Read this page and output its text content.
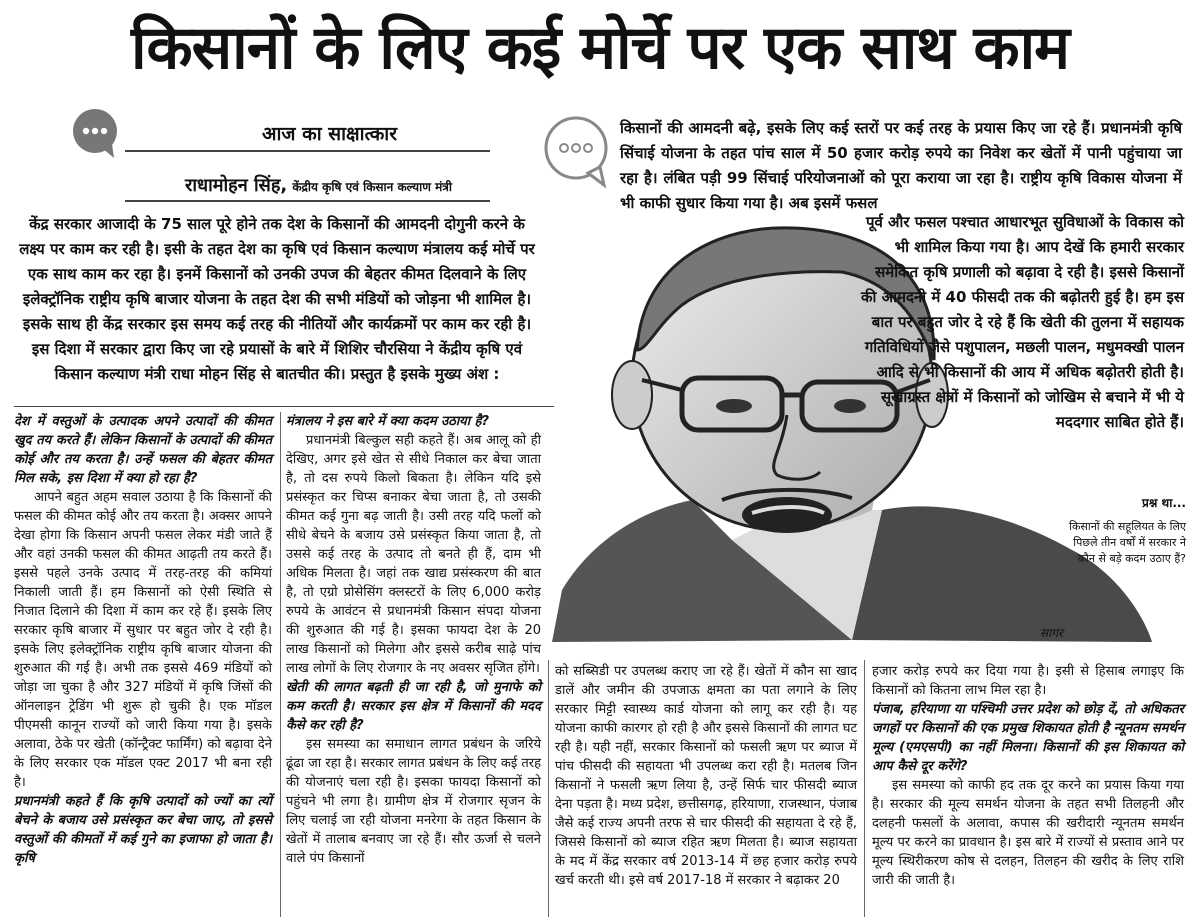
किसानों के लिए कई मोर्चे पर एक साथ काम
आज का साक्षात्कार
राधामोहन सिंह, केंद्रीय कृषि एवं किसान कल्याण मंत्री

केंद्र सरकार आजादी के 75 साल पूरे होने तक देश के किसानों की आमदनी दोगुनी करने के लक्ष्य पर काम कर रही है। इसी के तहत देश का कृषि एवं किसान कल्याण मंत्रालय कई मोर्चे पर एक साथ काम कर रहा है। इनमें किसानों को उनकी उपज की बेहतर कीमत दिलवाने के लिए इलेक्ट्रॉनिक राष्ट्रीय कृषि बाजार योजना के तहत देश की सभी मंडियों को जोड़ना भी शामिल है। इसके साथ ही केंद्र सरकार इस समय कई तरह की नीतियों और कार्यक्रमों पर काम कर रही है। इस दिशा में सरकार द्वारा किए जा रहे प्रयासों के बारे में शिशिर चौरसिया ने केंद्रीय कृषि एवं किसान कल्याण मंत्री राधा मोहन सिंह से बातचीत की। प्रस्तुत है इसके मुख्य अंश :

किसानों की आमदनी बढ़े, इसके लिए कई स्तरों पर कई तरह के प्रयास किए जा रहे हैं। प्रधानमंत्री कृषि सिंचाई योजना के तहत पांच साल में 50 हजार करोड़ रुपये का निवेश कर खेतों में पानी पहुंचाया जा रहा है। लंबित पड़ी 99 सिंचाई परियोजनाओं को पूरा कराया जा रहा है। राष्ट्रीय कृषि विकास योजना में भी काफी सुधार किया गया है। अब इसमें फसल

पूर्व और फसल पश्चात आधारभूत सुविधाओं के विकास को भी शामिल किया गया है। आप देखें कि हमारी सरकार समेकित कृषि प्रणाली को बढ़ावा दे रही है। इससे किसानों की आमदनी में 40 फीसदी तक की बढ़ोतरी हुई है। हम इस बात पर बहुत जोर दे रहे हैं कि खेती की तुलना में सहायक गतिविधियों जैसे पशुपालन, मछली पालन, मधुमक्खी पालन आदि से भी किसानों की आय में अधिक बढ़ोतरी होती है। सूखाग्रस्त क्षेत्रों में किसानों को जोखिम से बचाने में भी ये मददगार साबित होते हैं।

प्रश्न था...
किसानों की सहूलियत के लिए पिछले तीन वर्षों में सरकार ने कौन से बड़े कदम उठाए हैं?
सागर

देश में वस्तुओं के उत्पादक अपने उत्पादों की कीमत खुद तय करते हैं। लेकिन किसानों के उत्पादों की कीमत कोई और तय करता है। उन्हें फसल की बेहतर कीमत मिल सके, इस दिशा में क्या हो रहा है?

आपने बहुत अहम सवाल उठाया है कि किसानों की फसल की कीमत कोई और तय करता है। अक्सर आपने देखा होगा कि किसान अपनी फसल लेकर मंडी जाते हैं और वहां उनकी फसल की कीमत आढ़ती तय करते हैं। इससे पहले उनके उत्पाद में तरह-तरह की कमियां निकाली जाती हैं। हम किसानों को ऐसी स्थिति से निजात दिलाने की दिशा में काम कर रहे हैं। इसके लिए सरकार कृषि बाजार में सुधार पर बहुत जोर दे रही है। इसके लिए इलेक्ट्रॉनिक राष्ट्रीय कृषि बाजार योजना की शुरुआत की गई है। अभी तक इससे 469 मंडियों को जोड़ा जा चुका है और 327 मंडियों में कृषि जिंसों की ऑनलाइन ट्रेडिंग भी शुरू हो चुकी है। एक मॉडल पीएमसी कानून राज्यों को जारी किया गया है। इसके अलावा, ठेके पर खेती (कॉन्ट्रैक्ट फार्मिंग) को बढ़ावा देने के लिए सरकार एक मॉडल एक्ट 2017 भी बना रही है।

प्रधानमंत्री कहते हैं कि कृषि उत्पादों को ज्यों का त्यों बेचने के बजाय उसे प्रसंस्कृत कर बेचा जाए, तो इससे वस्तुओं की कीमतों में कई गुने का इजाफा हो जाता है। कृषि

मंत्रालय ने इस बारे में क्या कदम उठाया है?

प्रधानमंत्री बिल्कुल सही कहते हैं। अब आलू को ही देखिए, अगर इसे खेत से सीधे निकाल कर बेचा जाता है, तो दस रुपये किलो बिकता है। लेकिन यदि इसे प्रसंस्कृत कर चिप्स बनाकर बेचा जाता है, तो उसकी कीमत कई गुना बढ़ जाती है। उसी तरह यदि फलों को सीधे बेचने के बजाय उसे प्रसंस्कृत किया जाता है, तो उससे कई तरह के उत्पाद तो बनते ही हैं, दाम भी अधिक मिलता है। जहां तक खाद्य प्रसंस्करण की बात है, तो एग्रो प्रोसेसिंग क्लस्टरों के लिए 6,000 करोड़ रुपये के आवंटन से प्रधानमंत्री किसान संपदा योजना की शुरुआत की गई है। इसका फायदा देश के 20 लाख किसानों को मिलेगा और इससे करीब साढ़े पांच लाख लोगों के लिए रोजगार के नए अवसर सृजित होंगे।

खेती की लागत बढ़ती ही जा रही है, जो मुनाफे को कम करती है। सरकार इस क्षेत्र में किसानों की मदद कैसे कर रही है?

इस समस्या का समाधान लागत प्रबंधन के जरिये ढूंढा जा रहा है। सरकार लागत प्रबंधन के लिए कई तरह की योजनाएं चला रही है। इसका फायदा किसानों को पहुंचने भी लगा है। ग्रामीण क्षेत्र में रोजगार सृजन के लिए चलाई जा रही योजना मनरेगा के तहत किसान के खेतों में तालाब बनवाए जा रहे हैं। सौर ऊर्जा से चलने वाले पंप किसानों

को सब्सिडी पर उपलब्ध कराए जा रहे हैं। खेतों में कौन सा खाद डालें और जमीन की उपजाऊ क्षमता का पता लगाने के लिए सरकार मिट्टी स्वास्थ्य कार्ड योजना को लागू कर रही है। यह योजना काफी कारगर हो रही है और इससे किसानों की लागत घट रही है। यही नहीं, सरकार किसानों को फसली ऋण पर ब्याज में पांच फीसदी की सहायता भी उपलब्ध करा रही है। मतलब जिन किसानों ने फसली ऋण लिया है, उन्हें सिर्फ चार फीसदी ब्याज देना पड़ता है। मध्य प्रदेश, छत्तीसगढ़, हरियाणा, राजस्थान, पंजाब जैसे कई राज्य अपनी तरफ से चार फीसदी की सहायता दे रहे हैं, जिससे किसानों को ब्याज रहित ऋण मिलता है। ब्याज सहायता के मद में केंद्र सरकार वर्ष 2013-14 में छह हजार करोड़ रुपये खर्च करती थी। इसे वर्ष 2017-18 में सरकार ने बढ़ाकर 20

हजार करोड़ रुपये कर दिया गया है। इसी से हिसाब लगाइए कि किसानों को कितना लाभ मिल रहा है।

पंजाब, हरियाणा या पश्चिमी उत्तर प्रदेश को छोड़ दें, तो अधिकतर जगहों पर किसानों की एक प्रमुख शिकायत होती है न्यूनतम समर्थन मूल्य (एमएसपी) का नहीं मिलना। किसानों की इस शिकायत को आप कैसे दूर करेंगे?

इस समस्या को काफी हद तक दूर करने का प्रयास किया गया है। सरकार की मूल्य समर्थन योजना के तहत सभी तिलहनी और दलहनी फसलों के अलावा, कपास की खरीदारी न्यूनतम समर्थन मूल्य पर करने का प्रावधान है। इस बारे में राज्यों से प्रस्ताव आने पर मूल्य स्थिरीकरण कोष से दलहन, तिलहन की खरीद के लिए राशि जारी की जाती है।
